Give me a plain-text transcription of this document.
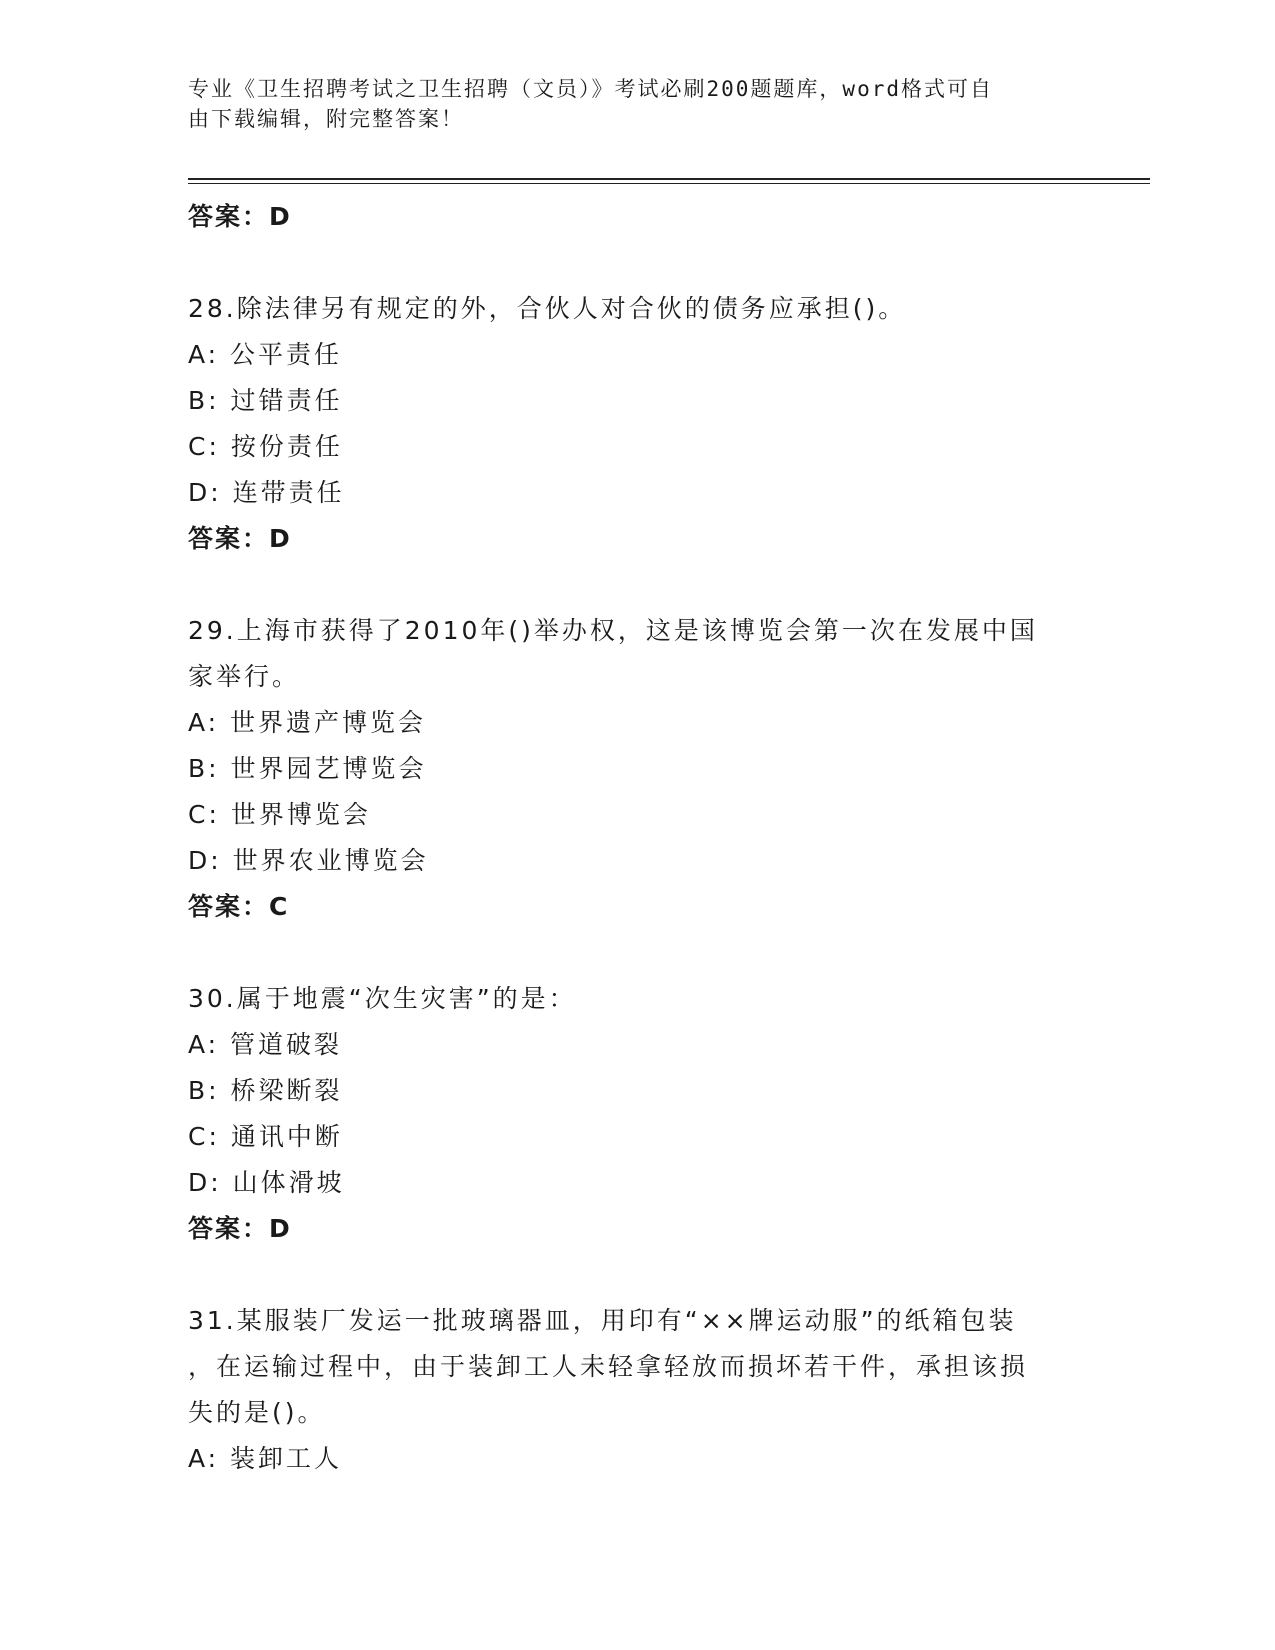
专业《卫生招聘考试之卫生招聘（文员）》考试必刷200题题库，word格式可自
由下载编辑，附完整答案！
答案：D
28.除法律另有规定的外，合伙人对合伙的债务应承担()。
A: 公平责任
B: 过错责任
C: 按份责任
D: 连带责任
答案：D
29.上海市获得了2010年()举办权，这是该博览会第一次在发展中国
家举行。
A: 世界遗产博览会
B: 世界园艺博览会
C: 世界博览会
D: 世界农业博览会
答案：C
30.属于地震“次生灾害”的是：
A: 管道破裂
B: 桥梁断裂
C: 通讯中断
D: 山体滑坡
答案：D
31.某服装厂发运一批玻璃器皿，用印有“××牌运动服”的纸箱包装
，在运输过程中，由于装卸工人未轻拿轻放而损坏若干件，承担该损
失的是()。
A: 装卸工人
